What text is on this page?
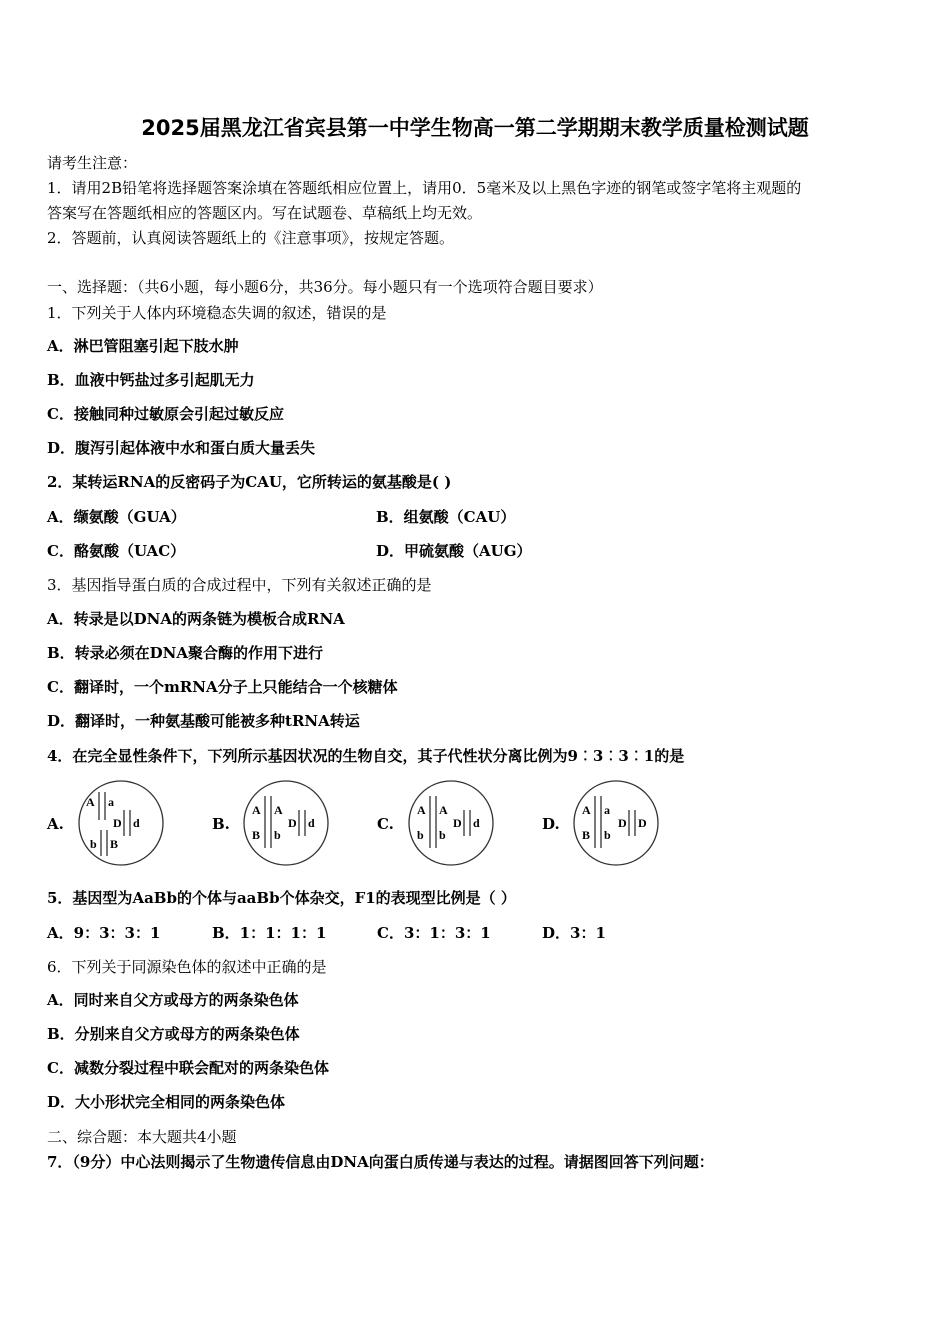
2025届黑龙江省宾县第一中学生物高一第二学期期末教学质量检测试题
请考生注意：
1．请用2B铅笔将选择题答案涂填在答题纸相应位置上，请用0．5毫米及以上黑色字迹的钢笔或签字笔将主观题的
答案写在答题纸相应的答题区内。写在试题卷、草稿纸上均无效。
2．答题前，认真阅读答题纸上的《注意事项》，按规定答题。
一、选择题：（共6小题，每小题6分，共36分。每小题只有一个选项符合题目要求）
1．下列关于人体内环境稳态失调的叙述，错误的是
A．淋巴管阻塞引起下肢水肿
B．血液中钙盐过多引起肌无力
C．接触同种过敏原会引起过敏反应
D．腹泻引起体液中水和蛋白质大量丢失
2．某转运RNA的反密码子为CAU，它所转运的氨基酸是( )
A．缬氨酸（GUA）	B．组氨酸（CAU）
C．酪氨酸（UAC）	D．甲硫氨酸（AUG）
3．基因指导蛋白质的合成过程中，下列有关叙述正确的是
A．转录是以DNA的两条链为模板合成RNA
B．转录必须在DNA聚合酶的作用下进行
C．翻译时，一个mRNA分子上只能结合一个核糖体
D．翻译时，一种氨基酸可能被多种tRNA转运
4．在完全显性条件下，下列所示基因状况的生物自交，其子代性状分离比例为9︰3︰3︰1的是
A.
A a
D d
b B
B.
A A
D d
B b
C.
A A
D d
b b
D.
A a
D D
B b
5．基因型为AaBb的个体与aaBb个体杂交，F1的表现型比例是（ ）
A．9：3：3：1	B．1：1：1：1	C．3：1：3：1	D．3：1
6．下列关于同源染色体的叙述中正确的是
A．同时来自父方或母方的两条染色体
B．分别来自父方或母方的两条染色体
C．减数分裂过程中联会配对的两条染色体
D．大小形状完全相同的两条染色体
二、综合题：本大题共4小题
7．（9分）中心法则揭示了生物遗传信息由DNA向蛋白质传递与表达的过程。请据图回答下列问题：
